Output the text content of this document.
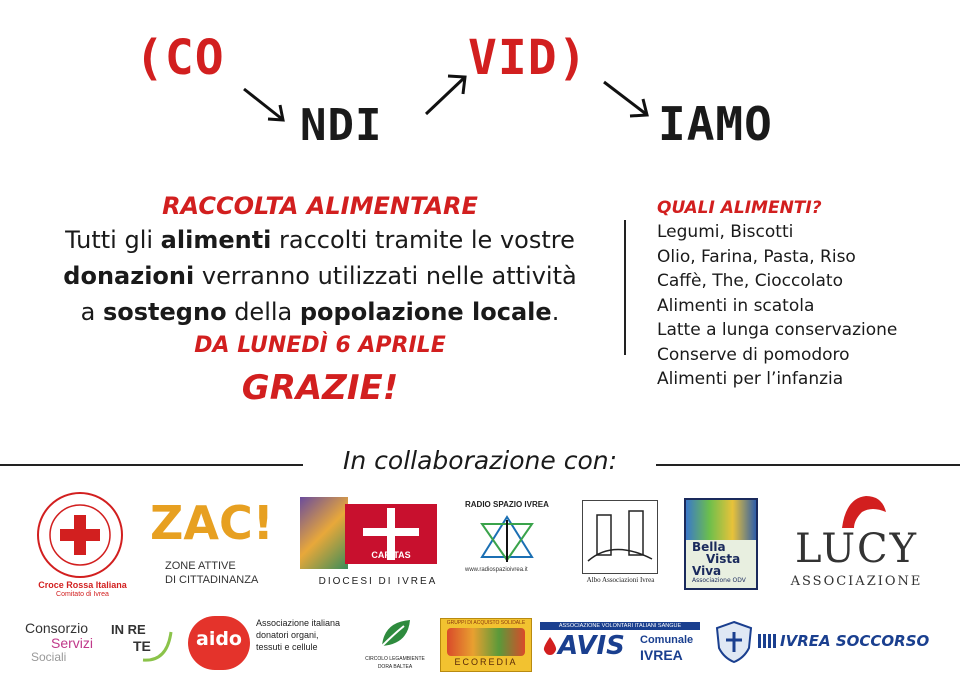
(CO
NDI
VID)
IAMO
RACCOLTA ALIMENTARE
Tutti gli alimenti raccolti tramite le vostre
donazioni verranno utilizzati nelle attività
a sostegno della popolazione locale.
DA LUNEDÌ 6 APRILE
GRAZIE!
QUALI ALIMENTI?
Legumi, Biscotti
Olio, Farina, Pasta, Riso
Caffè, The, Cioccolato
Alimenti in scatola
Latte a lunga conservazione
Conserve di pomodoro
Alimenti per l’infanzia
In collaborazione con:
Croce Rossa Italiana
Comitato di Ivrea
ZAC!
ZONE ATTIVE
DI CITTADINANZA
CARITAS
DIOCESI DI IVREA
RADIO SPAZIO IVREA
www.radiospazioivrea.it
Albo Associazioni Ivrea
Bella
Vista
Viva
Associazione ODV
LUCY
ASSOCIAZIONE
Consorzio
Servizi
Sociali
IN RE
TE	aido
Associazione italiana
donatori organi,
tessuti e cellule
CIRCOLO LEGAMBIENTE
DORA BALTEA
GRUPPI DI ACQUISTO SOLIDALE
ECOREDIA
ASSOCIAZIONE VOLONTARI ITALIANI SANGUE
AVIS Comunale
IVREA
IVREA SOCCORSO
